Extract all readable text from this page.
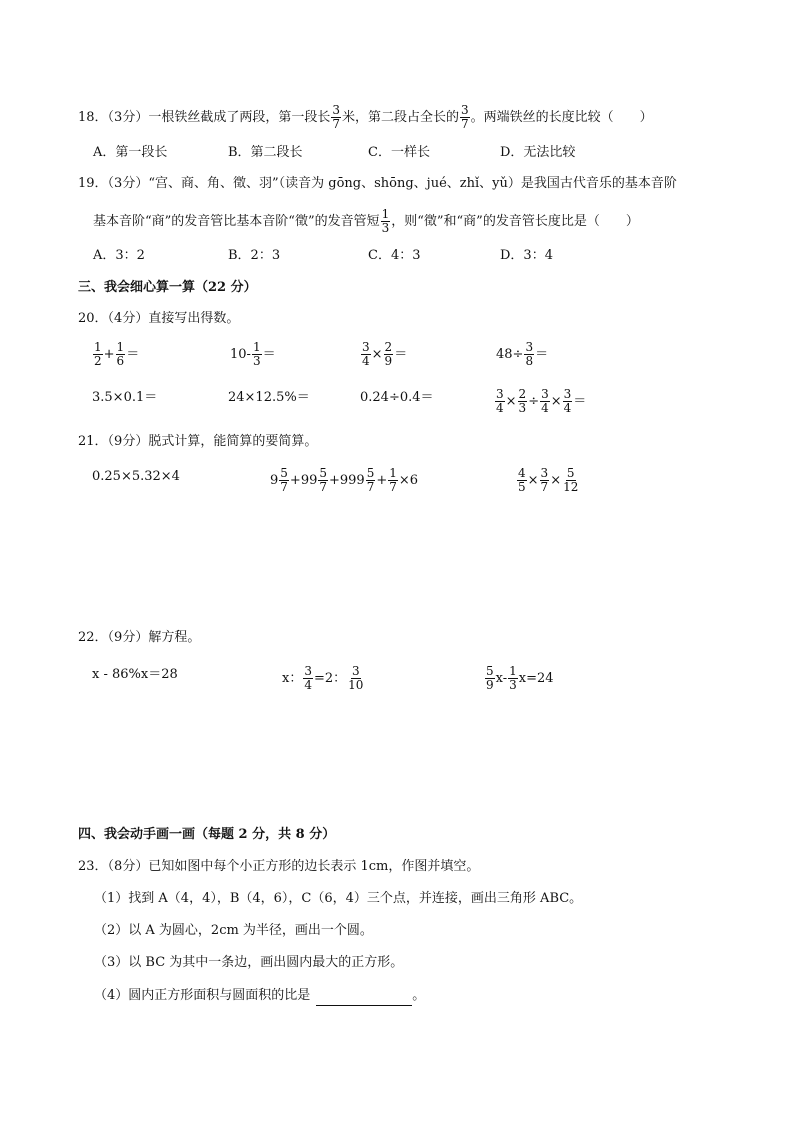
18．（3分）一根铁丝截成了两段，第一段长 $\frac{3}{7}$ 米，第二段占全长的 $\frac{3}{7}$ 。两端铁丝的长度比较（ ）
A．第一段长	B．第二段长	C．一样长	D．无法比较
19．（3分）“宫、商、角、徵、羽”（读音为 gōng、shōng、jué、zhǐ、yǔ）是我国古代音乐的基本音阶
基本音阶“商”的发音管比基本音阶“徵”的发音管短 $\frac{1}{3}$ ，则“徵”和“商”的发音管长度比是（ ）
A．3：2	B．2：3	C．4：3	D．3：4
三、我会细心算一算（22 分）
20．（4分）直接写出得数。
$\frac{1}{2} + \frac{1}{6}$ ＝	$10- \frac{1}{3}$ ＝	$\frac{3}{4} \times \frac{2}{9}$ ＝	$48\div \frac{3}{8}$ ＝
3.5×0.1＝	24×12.5%＝	0.24÷0.4＝	$\frac{3}{4} \times \frac{2}{3} \div \frac{3}{4} \times \frac{3}{4}$ ＝
21．（9分）脱式计算，能简算的要简算。
0.25×5.32×4	$9 \frac{5}{7} +99 \frac{5}{7} +999 \frac{5}{7} + \frac{1}{7} \times 6$	$\frac{4}{5} \times \frac{3}{7} \times \frac{5}{12}$
22．（9分）解方程。
x - 86%x＝28	x： $\frac{3}{4} =2$： $\frac{3}{10}$	$\frac{5}{9} x- \frac{1}{3} x=24$
四、我会动手画一画（每题 2 分，共 8 分）
23．（8分）已知如图中每个小正方形的边长表示 1cm，作图并填空。
（1）找到 A（4，4），B（4，6），C（6，4）三个点，并连接，画出三角形 ABC。
（2）以 A 为圆心，2cm 为半径，画出一个圆。
（3）以 BC 为其中一条边，画出圆内最大的正方形。
（4）圆内正方形面积与圆面积的比是	。
